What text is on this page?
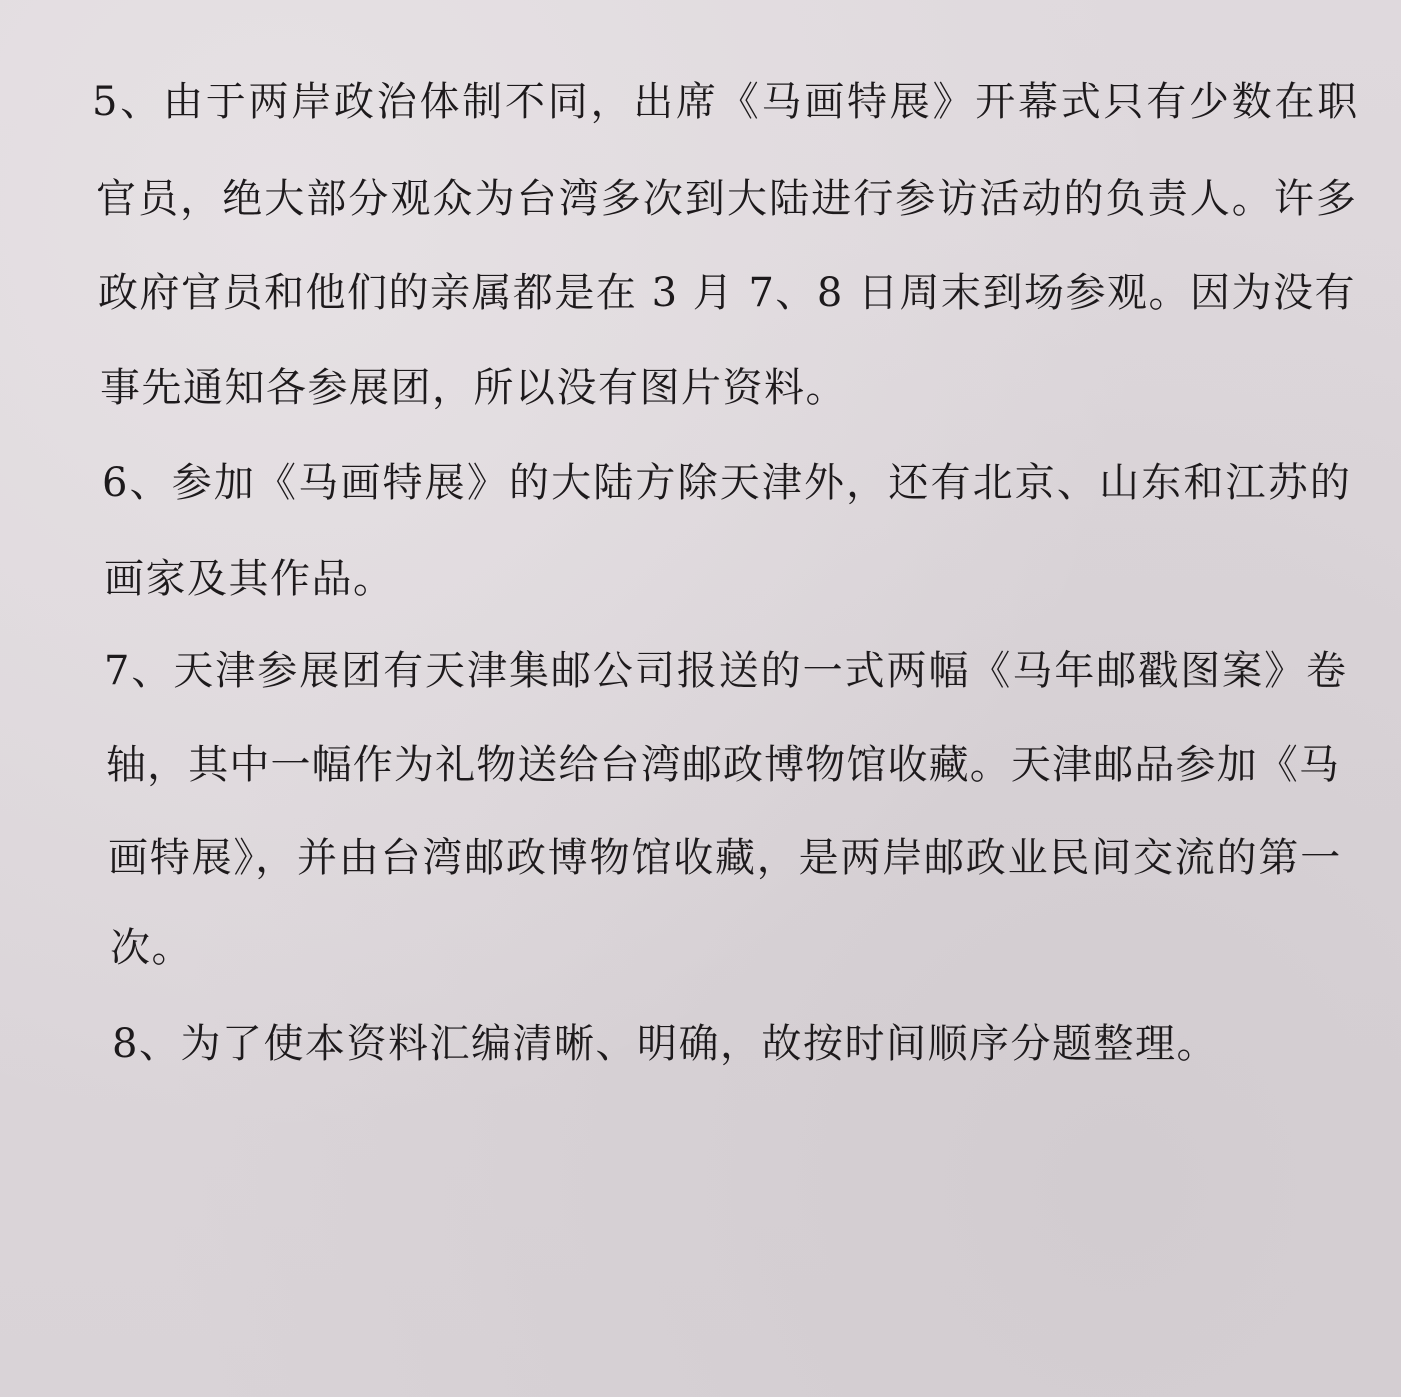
5、由于两岸政治体制不同，出席《马画特展》开幕式只有少数在职
官员，绝大部分观众为台湾多次到大陆进行参访活动的负责人。许多
政府官员和他们的亲属都是在 3 月 7、8 日周末到场参观。因为没有
事先通知各参展团，所以没有图片资料。
6、参加《马画特展》的大陆方除天津外，还有北京、山东和江苏的
画家及其作品。
7、天津参展团有天津集邮公司报送的一式两幅《马年邮戳图案》卷
轴，其中一幅作为礼物送给台湾邮政博物馆收藏。天津邮品参加《马
画特展》，并由台湾邮政博物馆收藏，是两岸邮政业民间交流的第一
次。
8、为了使本资料汇编清晰、明确，故按时间顺序分题整理。
